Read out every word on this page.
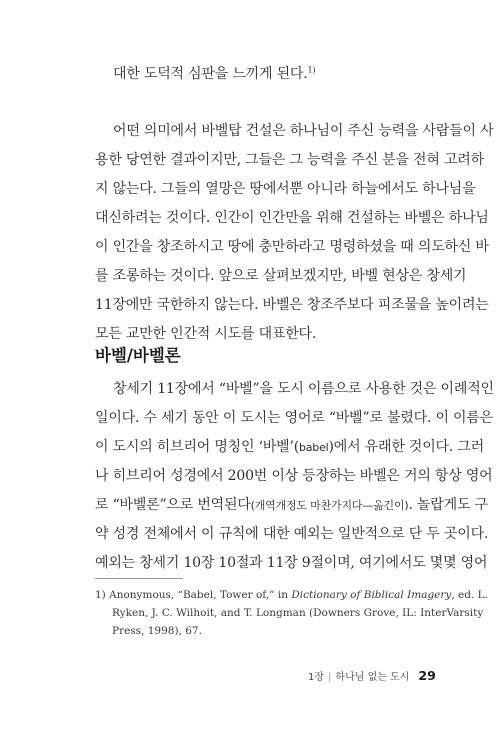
대한 도덕적 심판을 느끼게 된다.$^{1)}$

어떤 의미에서 바벨탑 건설은 하나님이 주신 능력을 사람들이 사
용한 당연한 결과이지만, 그들은 그 능력을 주신 분을 전혀 고려하
지 않는다. 그들의 열망은 땅에서뿐 아니라 하늘에서도 하나님을
대신하려는 것이다. 인간이 인간만을 위해 건설하는 바벨은 하나님
이 인간을 창조하시고 땅에 충만하라고 명령하셨을 때 의도하신 바
를 조롱하는 것이다. 앞으로 살펴보겠지만, 바벨 현상은 창세기
11장에만 국한하지 않는다. 바벨은 창조주보다 피조물을 높이려는
모든 교만한 인간적 시도를 대표한다.

바벨/바벨론

창세기 11장에서 “바벨”을 도시 이름으로 사용한 것은 이례적인
일이다. 수 세기 동안 이 도시는 영어로 “바벨”로 불렸다. 이 이름은
이 도시의 히브리어 명칭인 ‘바벨’(babel)에서 유래한 것이다. 그러
나 히브리어 성경에서 200번 이상 등장하는 바벨은 거의 항상 영어
로 “바벨론”으로 번역된다(개역개정도 마찬가지다—옮긴이). 놀랍게도 구
약 성경 전체에서 이 규칙에 대한 예외는 일반적으로 단 두 곳이다.
예외는 창세기 10장 10절과 11장 9절이며, 여기에서도 몇몇 영어

1) Anonymous, “Babel, Tower of,” in Dictionary of Biblical Imagery, ed. L.
Ryken, J. C. Wilhoit, and T. Longman (Downers Grove, IL: InterVarsity
Press, 1998), 67.

1장 | 하나님 없는 도시 29
